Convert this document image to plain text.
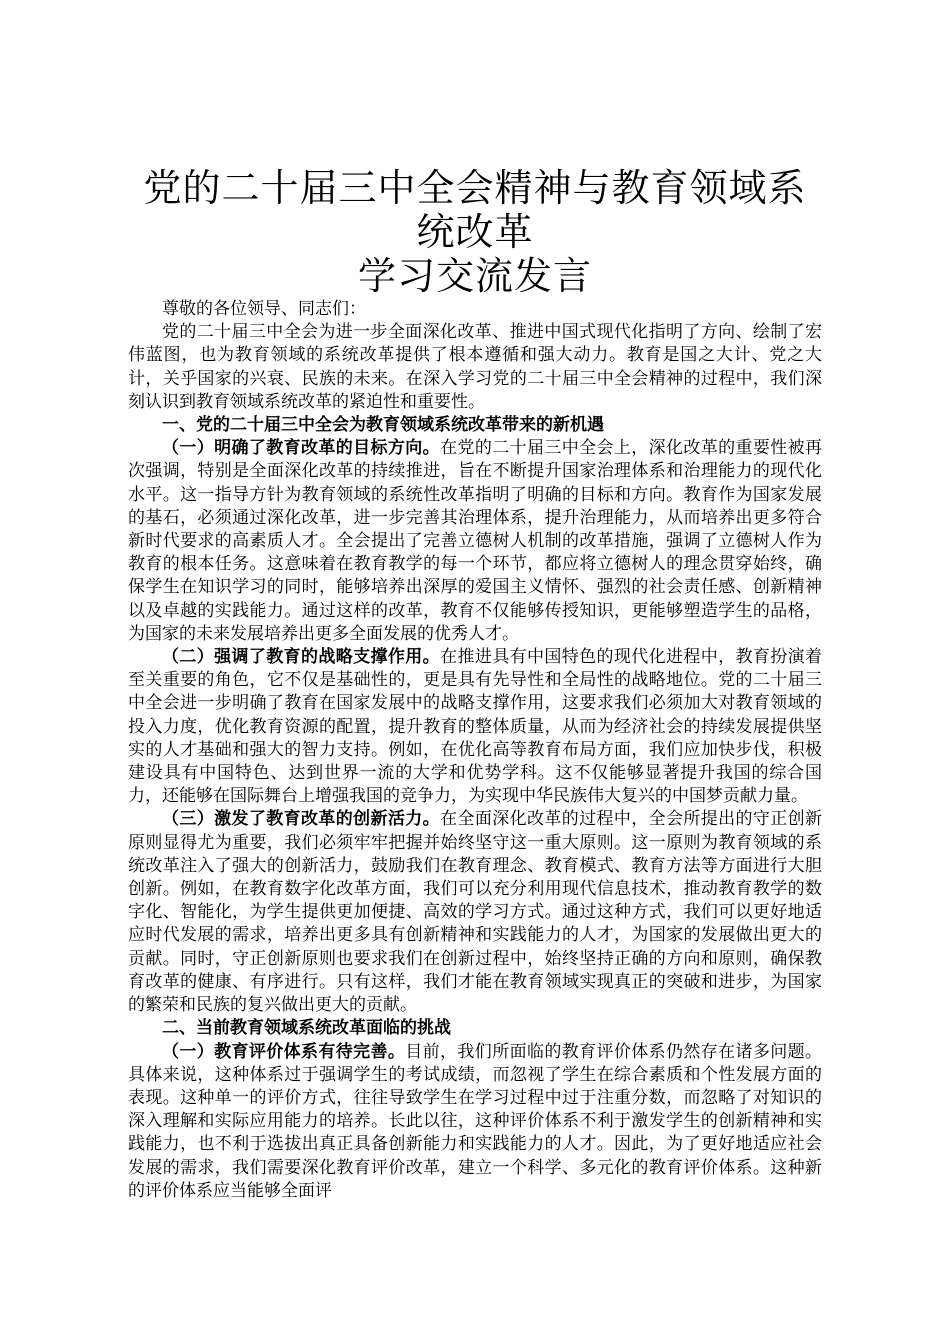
党的二十届三中全会精神与教育领域系统改革
学习交流发言

尊敬的各位领导、同志们：

党的二十届三中全会为进一步全面深化改革、推进中国式现代化指明了方向、绘制了宏伟蓝图，也为教育领域的系统改革提供了根本遵循和强大动力。教育是国之大计、党之大计，关乎国家的兴衰、民族的未来。在深入学习党的二十届三中全会精神的过程中，我们深刻认识到教育领域系统改革的紧迫性和重要性。

一、党的二十届三中全会为教育领域系统改革带来的新机遇

（一）明确了教育改革的目标方向。在党的二十届三中全会上，深化改革的重要性被再次强调，特别是全面深化改革的持续推进，旨在不断提升国家治理体系和治理能力的现代化水平。这一指导方针为教育领域的系统性改革指明了明确的目标和方向。教育作为国家发展的基石，必须通过深化改革，进一步完善其治理体系，提升治理能力，从而培养出更多符合新时代要求的高素质人才。全会提出了完善立德树人机制的改革措施，强调了立德树人作为教育的根本任务。这意味着在教育教学的每一个环节，都应将立德树人的理念贯穿始终，确保学生在知识学习的同时，能够培养出深厚的爱国主义情怀、强烈的社会责任感、创新精神以及卓越的实践能力。通过这样的改革，教育不仅能够传授知识，更能够塑造学生的品格，为国家的未来发展培养出更多全面发展的优秀人才。

（二）强调了教育的战略支撑作用。在推进具有中国特色的现代化进程中，教育扮演着至关重要的角色，它不仅是基础性的，更是具有先导性和全局性的战略地位。党的二十届三中全会进一步明确了教育在国家发展中的战略支撑作用，这要求我们必须加大对教育领域的投入力度，优化教育资源的配置，提升教育的整体质量，从而为经济社会的持续发展提供坚实的人才基础和强大的智力支持。例如，在优化高等教育布局方面，我们应加快步伐，积极建设具有中国特色、达到世界一流的大学和优势学科。这不仅能够显著提升我国的综合国力，还能够在国际舞台上增强我国的竞争力，为实现中华民族伟大复兴的中国梦贡献力量。

（三）激发了教育改革的创新活力。在全面深化改革的过程中，全会所提出的守正创新原则显得尤为重要，我们必须牢牢把握并始终坚守这一重大原则。这一原则为教育领域的系统改革注入了强大的创新活力，鼓励我们在教育理念、教育模式、教育方法等方面进行大胆创新。例如，在教育数字化改革方面，我们可以充分利用现代信息技术，推动教育教学的数字化、智能化，为学生提供更加便捷、高效的学习方式。通过这种方式，我们可以更好地适应时代发展的需求，培养出更多具有创新精神和实践能力的人才，为国家的发展做出更大的贡献。同时，守正创新原则也要求我们在创新过程中，始终坚持正确的方向和原则，确保教育改革的健康、有序进行。只有这样，我们才能在教育领域实现真正的突破和进步，为国家的繁荣和民族的复兴做出更大的贡献。

二、当前教育领域系统改革面临的挑战

（一）教育评价体系有待完善。目前，我们所面临的教育评价体系仍然存在诸多问题。具体来说，这种体系过于强调学生的考试成绩，而忽视了学生在综合素质和个性发展方面的表现。这种单一的评价方式，往往导致学生在学习过程中过于注重分数，而忽略了对知识的深入理解和实际应用能力的培养。长此以往，这种评价体系不利于激发学生的创新精神和实践能力，也不利于选拔出真正具备创新能力和实践能力的人才。因此，为了更好地适应社会发展的需求，我们需要深化教育评价改革，建立一个科学、多元化的教育评价体系。这种新的评价体系应当能够全面评
